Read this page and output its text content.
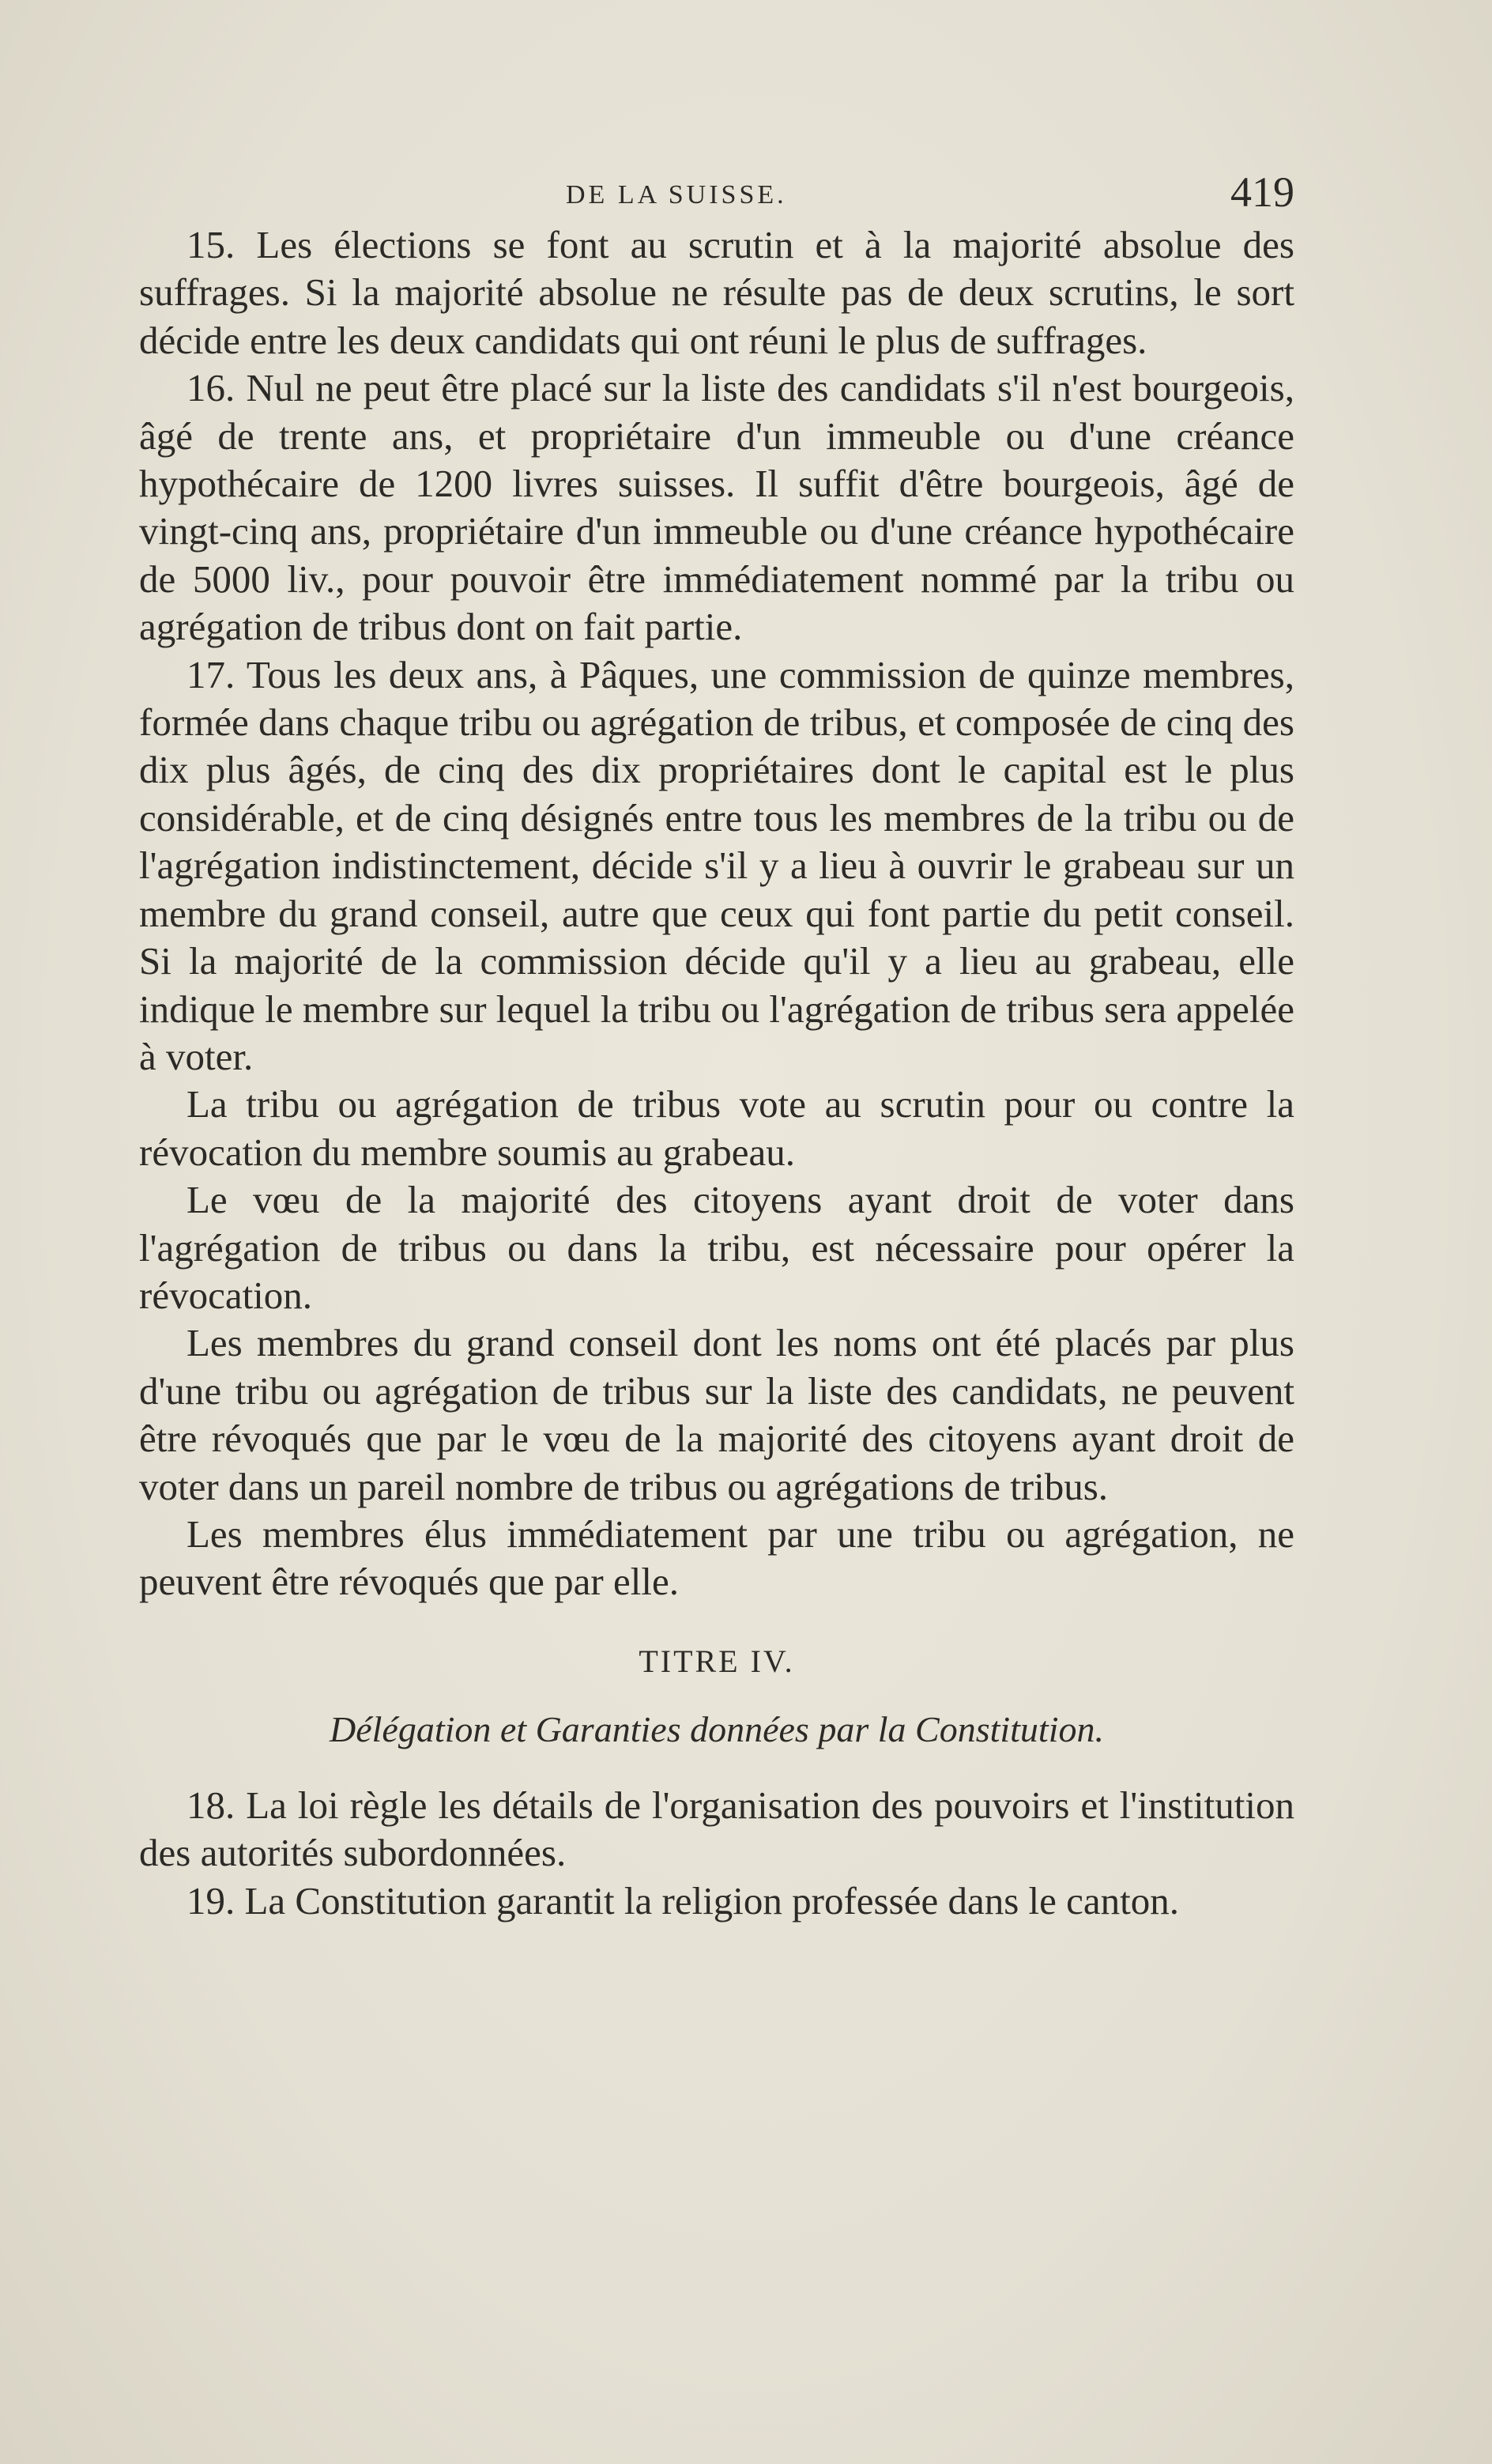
DE LA SUISSE.	419

15. Les élections se font au scrutin et à la majorité absolue des suffrages. Si la majorité absolue ne résulte pas de deux scrutins, le sort décide entre les deux candidats qui ont réuni le plus de suffrages.

16. Nul ne peut être placé sur la liste des candidats s'il n'est bourgeois, âgé de trente ans, et propriétaire d'un immeuble ou d'une créance hypothécaire de 1200 livres suisses. Il suffit d'être bourgeois, âgé de vingt-cinq ans, propriétaire d'un immeuble ou d'une créance hypothécaire de 5000 liv., pour pouvoir être immédiatement nommé par la tribu ou agrégation de tribus dont on fait partie.

17. Tous les deux ans, à Pâques, une commission de quinze membres, formée dans chaque tribu ou agrégation de tribus, et composée de cinq des dix plus âgés, de cinq des dix propriétaires dont le capital est le plus considérable, et de cinq désignés entre tous les membres de la tribu ou de l'agrégation indistinctement, décide s'il y a lieu à ouvrir le grabeau sur un membre du grand conseil, autre que ceux qui font partie du petit conseil. Si la majorité de la commission décide qu'il y a lieu au grabeau, elle indique le membre sur lequel la tribu ou l'agrégation de tribus sera appelée à voter.

La tribu ou agrégation de tribus vote au scrutin pour ou contre la révocation du membre soumis au grabeau.

Le vœu de la majorité des citoyens ayant droit de voter dans l'agrégation de tribus ou dans la tribu, est nécessaire pour opérer la révocation.

Les membres du grand conseil dont les noms ont été placés par plus d'une tribu ou agrégation de tribus sur la liste des candidats, ne peuvent être révoqués que par le vœu de la majorité des citoyens ayant droit de voter dans un pareil nombre de tribus ou agrégations de tribus.

Les membres élus immédiatement par une tribu ou agrégation, ne peuvent être révoqués que par elle.

TITRE IV.
Délégation et Garanties données par la Constitution.

18. La loi règle les détails de l'organisation des pouvoirs et l'institution des autorités subordonnées.

19. La Constitution garantit la religion professée dans le canton.
